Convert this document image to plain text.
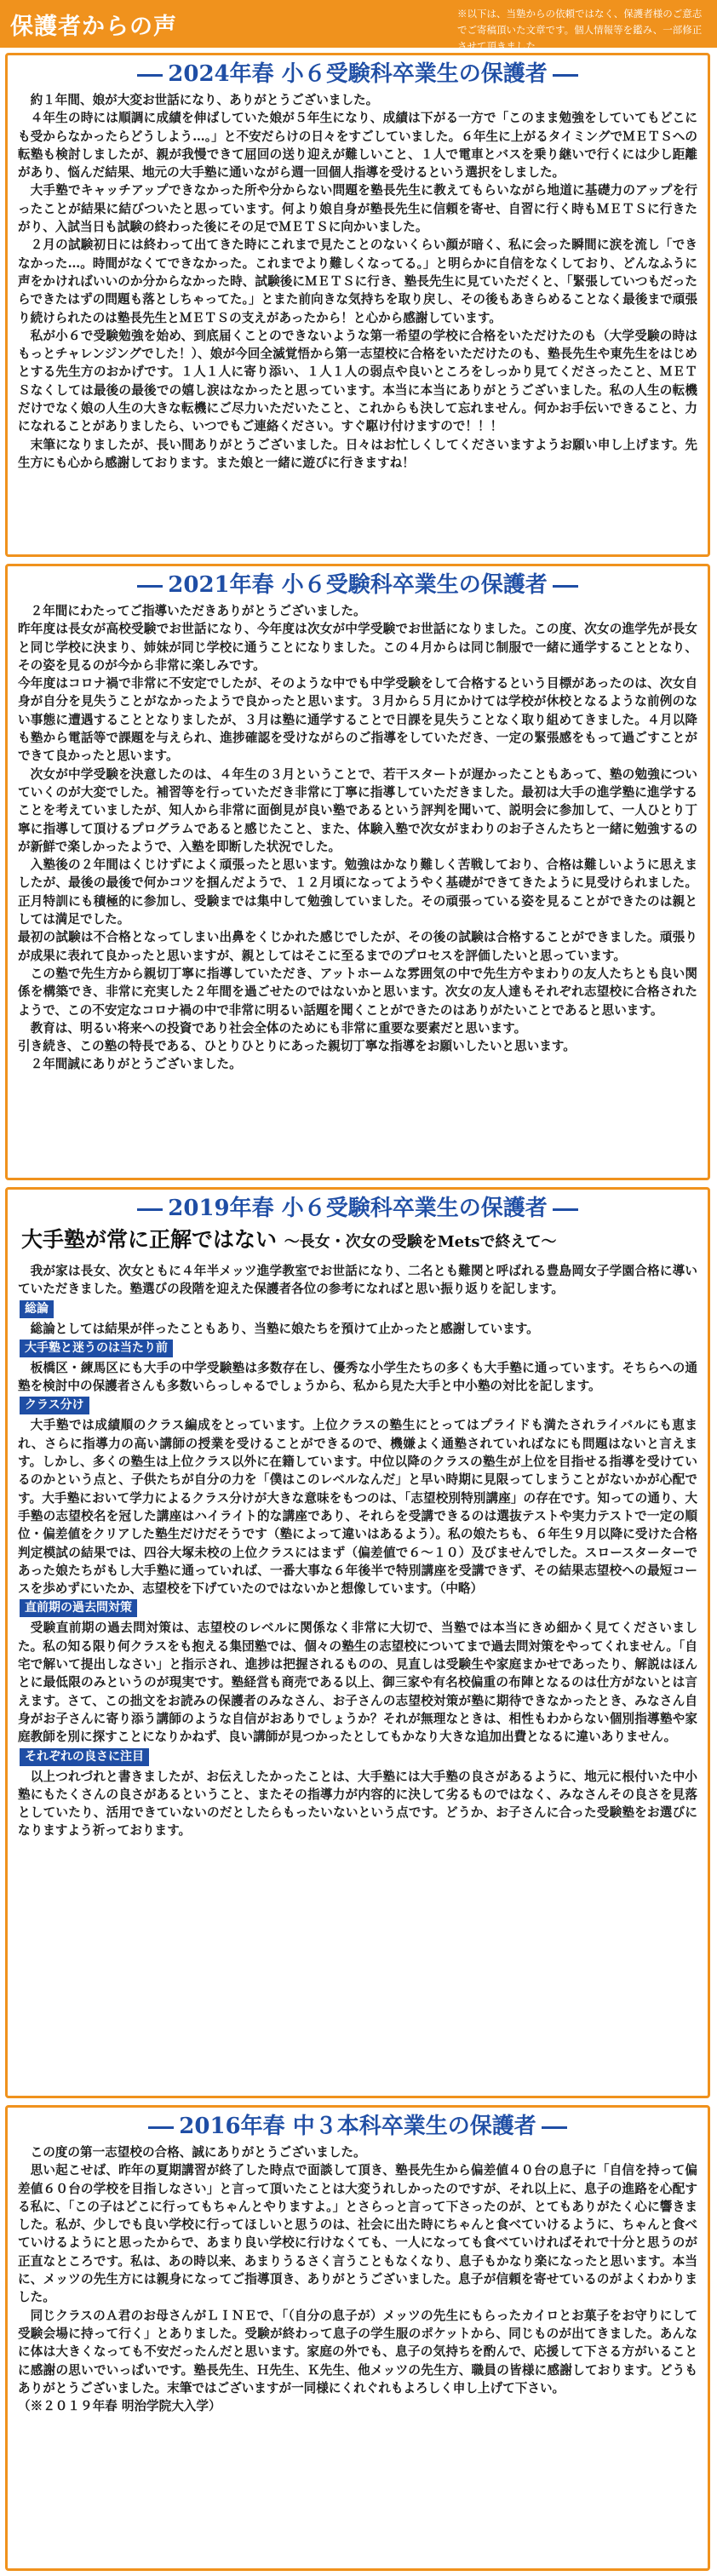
保護者からの声	※以下は、当塾からの依頼ではなく、保護者様のご意志でご寄稿頂いた文章です。個人情報等を鑑み、一部修正させて頂きました。
2024年春 小６受験科卒業生の保護者

約１年間、娘が大変お世話になり、ありがとうございました。

４年生の時には順調に成績を伸ばしていた娘が５年生になり、成績は下がる一方で「このまま勉強をしていてもどこにも受からなかったらどうしよう…。」と不安だらけの日々をすごしていました。６年生に上がるタイミングでＭＥＴＳへの転塾も検討しましたが、親が我慢できて屈回の送り迎えが難しいこと、１人で電車とバスを乗り継いで行くには少し距離があり、悩んだ結果、地元の大手塾に通いながら週一回個人指導を受けるという選択をしました。

大手塾でキャッチアップできなかった所や分からない問題を塾長先生に教えてもらいながら地道に基礎力のアップを行ったことが結果に結びついたと思っています。何より娘自身が塾長先生に信頼を寄せ、自習に行く時もＭＥＴＳに行きたがり、入試当日も試験の終わった後にその足でＭＥＴＳに向かいました。

２月の試験初日には終わって出てきた時にこれまで見たことのないくらい顔が暗く、私に会った瞬間に涙を流し「できなかった…。時間がなくてできなかった。これまでより難しくなってる。」と明らかに自信をなくしており、どんなふうに声をかければいいのか分からなかった時、試験後にＭＥＴＳに行き、塾長先生に見ていただくと、「緊張していつもだったらできたはずの問題も落としちゃってた。」とまた前向きな気持ちを取り戻し、その後もあきらめることなく最後まで頑張り続けられたのは塾長先生とＭＥＴＳの支えがあったから！と心から感謝しています。

私が小６で受験勉強を始め、到底届くことのできないような第一希望の学校に合格をいただけたのも（大学受験の時はもっとチャレンジングでした！）、娘が今回全滅覚悟から第一志望校に合格をいただけたのも、塾長先生や東先生をはじめとする先生方のおかげです。１人１人に寄り添い、１人１人の弱点や良いところをしっかり見てくださったこと、ＭＥＴＳなくしては最後の最後での嬉し涙はなかったと思っています。本当に本当にありがとうございました。私の人生の転機だけでなく娘の人生の大きな転機にご尽力いただいたこと、これからも決して忘れません。何かお手伝いできること、力になれることがありましたら、いつでもご連絡ください。すぐ駆け付けますので！！！

末筆になりましたが、長い間ありがとうございました。日々はお忙しくしてくださいますようお願い申し上げます。先生方にも心から感謝しております。また娘と一緒に遊びに行きますね！

2021年春 小６受験科卒業生の保護者

２年間にわたってご指導いただきありがとうございました。

昨年度は長女が高校受験でお世話になり、今年度は次女が中学受験でお世話になりました。この度、次女の進学先が長女と同じ学校に決まり、姉妹が同じ学校に通うことになりました。この４月からは同じ制服で一緒に通学することとなり、その姿を見るのが今から非常に楽しみです。

今年度はコロナ禍で非常に不安定でしたが、そのような中でも中学受験をして合格するという目標があったのは、次女自身が自分を見失うことがなかったようで良かったと思います。３月から５月にかけては学校が休校となるような前例のない事態に遭遇することとなりましたが、３月は塾に通学することで日課を見失うことなく取り組めてきました。４月以降も塾から電話等で課題を与えられ、進捗確認を受けながらのご指導をしていただき、一定の緊張感をもって過ごすことができて良かったと思います。

次女が中学受験を決意したのは、４年生の３月ということで、若干スタートが遅かったこともあって、塾の勉強についていくのが大変でした。補習等を行っていただき非常に丁寧に指導していただきました。最初は大手の進学塾に進学することを考えていましたが、知人から非常に面倒見が良い塾であるという評判を聞いて、説明会に参加して、一人ひとり丁寧に指導して頂けるプログラムであると感じたこと、また、体験入塾で次女がまわりのお子さんたちと一緒に勉強するのが新鮮で楽しかったようで、入塾を即断した状況でした。

入塾後の２年間はくじけずによく頑張ったと思います。勉強はかなり難しく苦戦しており、合格は難しいように思えましたが、最後の最後で何かコツを掴んだようで、１２月頃になってようやく基礎ができてきたように見受けられました。正月特訓にも積極的に参加し、受験までは集中して勉強していました。その頑張っている姿を見ることができたのは親としては満足でした。

最初の試験は不合格となってしまい出鼻をくじかれた感じでしたが、その後の試験は合格することができました。頑張りが成果に表れて良かったと思いますが、親としてはそこに至るまでのプロセスを評価したいと思っています。

この塾で先生方から親切丁寧に指導していただき、アットホームな雰囲気の中で先生方やまわりの友人たちとも良い関係を構築でき、非常に充実した２年間を過ごせたのではないかと思います。次女の友人達もそれぞれ志望校に合格されたようで、この不安定なコロナ禍の中で非常に明るい話題を聞くことができたのはありがたいことであると思います。

教育は、明るい将来への投資であり社会全体のためにも非常に重要な要素だと思います。

引き続き、この塾の特長である、ひとりひとりにあった親切丁寧な指導をお願いしたいと思います。

２年間誠にありがとうございました。

2019年春 小６受験科卒業生の保護者
大手塾が常に正解ではない ～長女・次女の受験をMetsで終えて～

我が家は長女、次女ともに４年半メッツ進学教室でお世話になり、二名とも難関と呼ばれる豊島岡女子学園合格に導いていただきました。塾選びの段階を迎えた保護者各位の参考になればと思い振り返りを記します。

総論

総論としては結果が伴ったこともあり、当塾に娘たちを預けて止かったと感謝しています。

大手塾と迷うのは当たり前

板橋区・練馬区にも大手の中学受験塾は多数存在し、優秀な小学生たちの多くも大手塾に通っています。そちらへの通塾を検討中の保護者さんも多数いらっしゃるでしょうから、私から見た大手と中小塾の対比を記します。

クラス分け

大手塾では成績順のクラス編成をとっています。上位クラスの塾生にとってはプライドも満たされライバルにも恵まれ、さらに指導力の高い講師の授業を受けることができるので、機嫌よく通塾されていればなにも問題はないと言えます。しかし、多くの塾生は上位クラス以外に在籍しています。中位以降のクラスの塾生が上位を目指せる指導を受けているのかという点と、子供たちが自分の力を「僕はこのレベルなんだ」と早い時期に見限ってしまうことがないかが心配です。大手塾において学力によるクラス分けが大きな意味をもつのは、「志望校別特別講座」の存在です。知っての通り、大手塾の志望校名を冠した講座はハイライト的な講座であり、それらを受講できるのは選抜テストや実力テストで一定の順位・偏差値をクリアした塾生だけだそうです（塾によって違いはあるよう）。私の娘たちも、６年生９月以降に受けた合格判定模試の結果では、四谷大塚未校の上位クラスにはまず（偏差値で６～１０）及びませんでした。スロースターターであった娘たちがもし大手塾に通っていれば、一番大事な６年後半で特別講座を受講できず、その結果志望校への最短コースを歩めずにいたか、志望校を下げていたのではないかと想像しています。（中略）

直前期の過去問対策

受験直前期の過去問対策は、志望校のレベルに関係なく非常に大切で、当塾では本当にきめ細かく見てくださいました。私の知る限り何クラスをも抱える集団塾では、個々の塾生の志望校についてまで過去問対策をやってくれません。「自宅で解いて提出しなさい」と指示され、進捗は把握されるものの、見直しは受験生や家庭まかせであったり、解説はほんとに最低限のみというのが現実です。塾経営も商売である以上、御三家や有名校偏重の布陣となるのは仕方がないとは言えます。さて、この拙文をお読みの保護者のみなさん、お子さんの志望校対策が塾に期待できなかったとき、みなさん自身がお子さんに寄り添う講師のような自信がおありでしょうか？それが無理なときは、相性もわからない個別指導塾や家庭教師を別に探すことになりかねず、良い講師が見つかったとしてもかなり大きな追加出費となるに違いありません。

それぞれの良さに注目

以上つれづれと書きましたが、お伝えしたかったことは、大手塾には大手塾の良さがあるように、地元に根付いた中小塾にもたくさんの良さがあるということ、またその指導力が内容的に決して劣るものではなく、みなさんその良さを見落としていたり、活用できていないのだとしたらもったいないという点です。どうか、お子さんに合った受験塾をお選びになりますよう祈っております。

2016年春 中３本科卒業生の保護者

この度の第一志望校の合格、誠にありがとうございました。

思い起こせば、昨年の夏期講習が終了した時点で面談して頂き、塾長先生から偏差値４０台の息子に「自信を持って偏差値６０台の学校を目指しなさい」と言って頂いたことは大変うれしかったのですが、それ以上に、息子の進路を心配する私に、「この子はどこに行ってもちゃんとやりますよ。」とさらっと言って下さったのが、とてもありがたく心に響きました。私が、少しでも良い学校に行ってほしいと思うのは、社会に出た時にちゃんと食べていけるように、ちゃんと食べていけるようにと思ったからで、あまり良い学校に行けなくても、一人になっても食べていければそれで十分と思うのが正直なところです。私は、あの時以来、あまりうるさく言うこともなくなり、息子もかなり楽になったと思います。本当に、メッツの先生方には親身になってご指導頂き、ありがとうございました。息子が信頼を寄せているのがよくわかりました。

同じクラスのＡ君のお母さんがＬＩＮＥで、「（自分の息子が）メッツの先生にもらったカイロとお菓子をお守りにして受験会場に持って行く」とありました。受験が終わって息子の学生服のポケットから、同じものが出てきました。あんなに体は大きくなっても不安だったんだと思います。家庭の外でも、息子の気持ちを酌んで、応援して下さる方がいることに感謝の思いでいっぱいです。塾長先生、Ｈ先生、Ｋ先生、他メッツの先生方、職員の皆様に感謝しております。どうもありがとうございました。末筆ではございますが一同様にくれぐれもよろしく申し上げて下さい。

（※２０１９年春 明治学院大入学）
